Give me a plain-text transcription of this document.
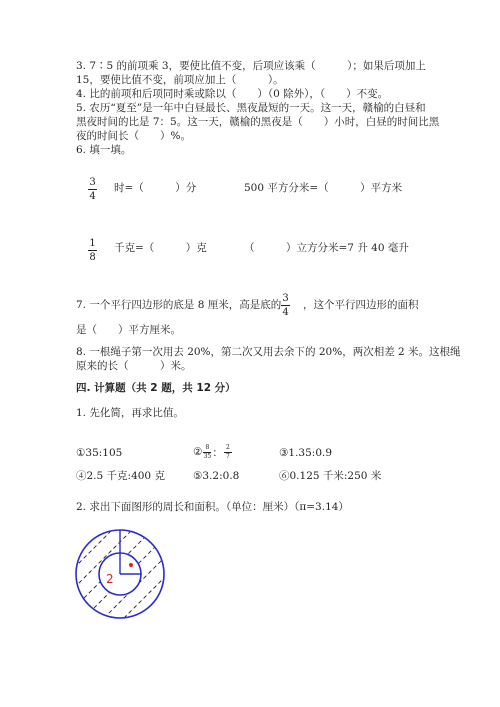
3. 7∶5 的前项乘 3，要使比值不变，后项应该乘（　　　）；如果后项加上
15，要使比值不变，前项应加上（　　　）。
4. 比的前项和后项同时乘或除以（　　）（0 除外），（　　）不变。
5. 农历“夏至”是一年中白昼最长、黑夜最短的一天。这一天，赣榆的白昼和
黑夜时间的比是 7：5。这一天，赣榆的黑夜是（　　）小时，白昼的时间比黑
夜的时间长（　　）%。
6. 填一填。
3
4
时=（　　　）分	500 平方分米=（　　　）平方米
1
8
千克=（　　　）克	（　　　）立方分米=7 升 40 毫升
7. 一个平行四边形的底是 8 厘米，高是底的
3
4
，这个平行四边形的面积
是（　　）平方厘米。
8. 一根绳子第一次用去 20%，第二次又用去余下的 20%，两次相差 2 米。这根绳
原来的长（　　　）米。
四. 计算题（共 2 题，共 12 分）
1. 先化简，再求比值。
①35:105	② $\frac{8}{35}$ ： $\frac{2}{7}$	③1.35:0.9
④2.5 千克:400 克	⑤3.2:0.8	⑥0.125 千米:250 米
2. 求出下面图形的周长和面积。（单位：厘米）（π=3.14）
2
